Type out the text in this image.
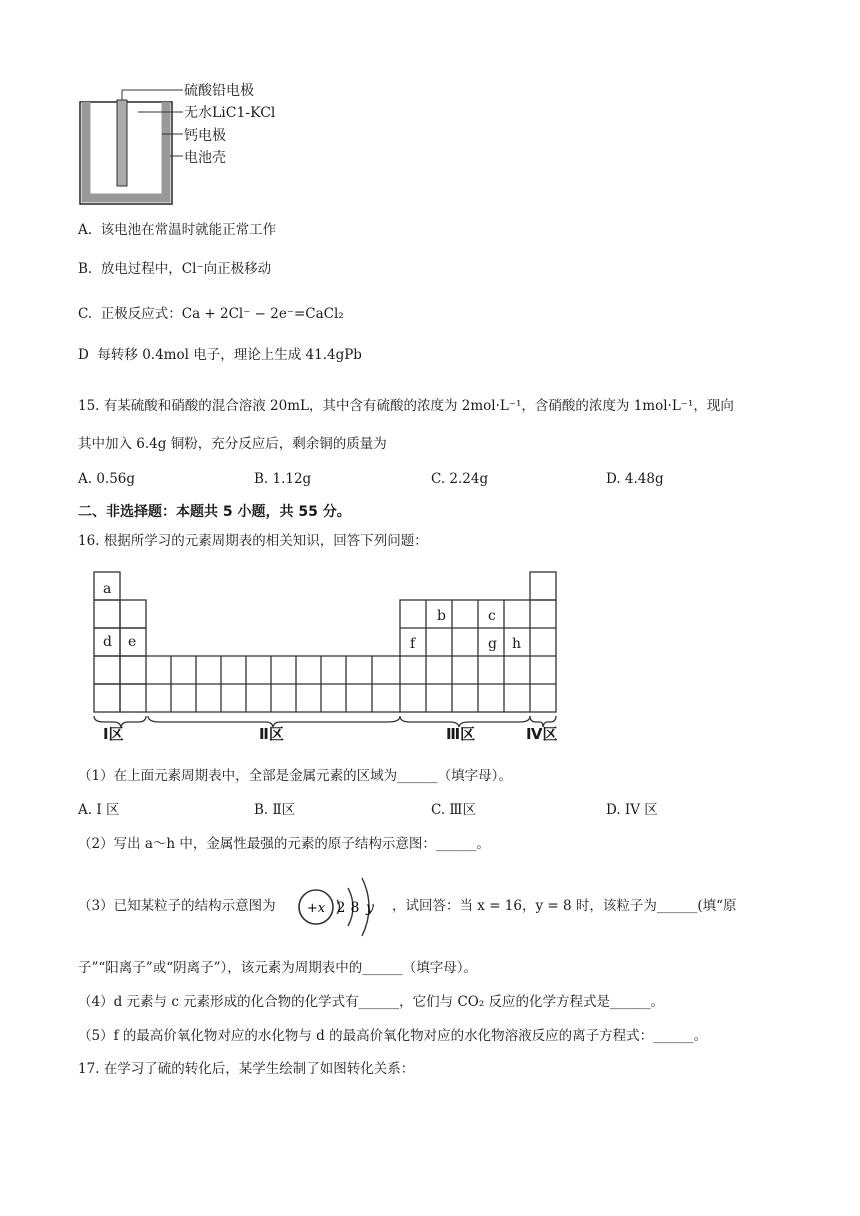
硫酸铅电极
无水LiC1-KCl
钙电极
电池壳
A. 该电池在常温时就能正常工作
B. 放电过程中，Cl⁻向正极移动
C. 正极反应式：Ca + 2Cl⁻ − 2e⁻=CaCl₂
D 每转移 0.4mol 电子，理论上生成 41.4gPb
15. 有某硫酸和硝酸的混合溶液 20mL，其中含有硫酸的浓度为 2mol·L⁻¹，含硝酸的浓度为 1mol·L⁻¹，现向
其中加入 6.4g 铜粉，充分反应后，剩余铜的质量为
A. 0.56g	B. 1.12g	C. 2.24g	D. 4.48g
二、非选择题：本题共 5 小题，共 55 分。
16. 根据所学习的元素周期表的相关知识，回答下列问题：
a
b	c
d e	f	g h
Ⅰ区	Ⅱ区	Ⅲ区	Ⅳ区
（1）在上面元素周期表中，全部是金属元素的区域为______（填字母）。
A. I 区	B. Ⅱ区	C. Ⅲ区	D. IV 区
（2）写出 a～h 中，金属性最强的元素的原子结构示意图：______。
（3）已知某粒子的结构示意图为 +x 2 8 y ，试回答：当 x = 16，y = 8 时，该粒子为______(填“原
子”“阳离子”或“阴离子”），该元素为周期表中的______（填字母）。
（4）d 元素与 c 元素形成的化合物的化学式有______，它们与 CO₂ 反应的化学方程式是______。
（5）f 的最高价氧化物对应的水化物与 d 的最高价氧化物对应的水化物溶液反应的离子方程式：______。
17. 在学习了硫的转化后，某学生绘制了如图转化关系：
